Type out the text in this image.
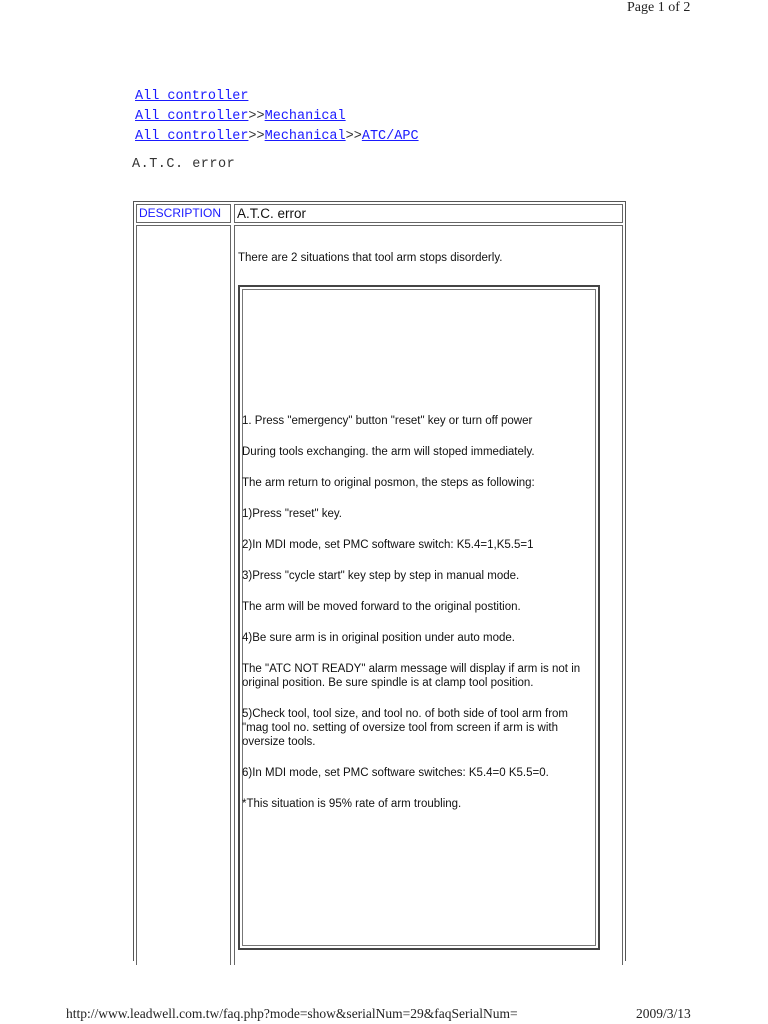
Page 1 of 2
All controller
All controller>>Mechanical
All controller>>Mechanical>>ATC/APC
A.T.C. error
DESCRIPTION	A.T.C. error
There are 2 situations that tool arm stops disorderly.

1. Press "emergency" button "reset" key or turn off power

During tools exchanging. the arm will stoped immediately.

The arm return to original posmon, the steps as following:

1)Press "reset" key.

2)In MDI mode, set PMC software switch: K5.4=1,K5.5=1

3)Press "cycle start" key step by step in manual mode.

The arm will be moved forward to the original postition.

4)Be sure arm is in original position under auto mode.

The "ATC NOT READY" alarm message will display if arm is not in original position. Be sure spindle is at clamp tool position.

5)Check tool, tool size, and tool no. of both side of tool arm from "mag tool no. setting of oversize tool from screen if arm is with oversize tools.

6)In MDI mode, set PMC software switches: K5.4=0 K5.5=0.

*This situation is 95% rate of arm troubling.

http://www.leadwell.com.tw/faq.php?mode=show&serialNum=29&faqSerialNum=	2009/3/13
